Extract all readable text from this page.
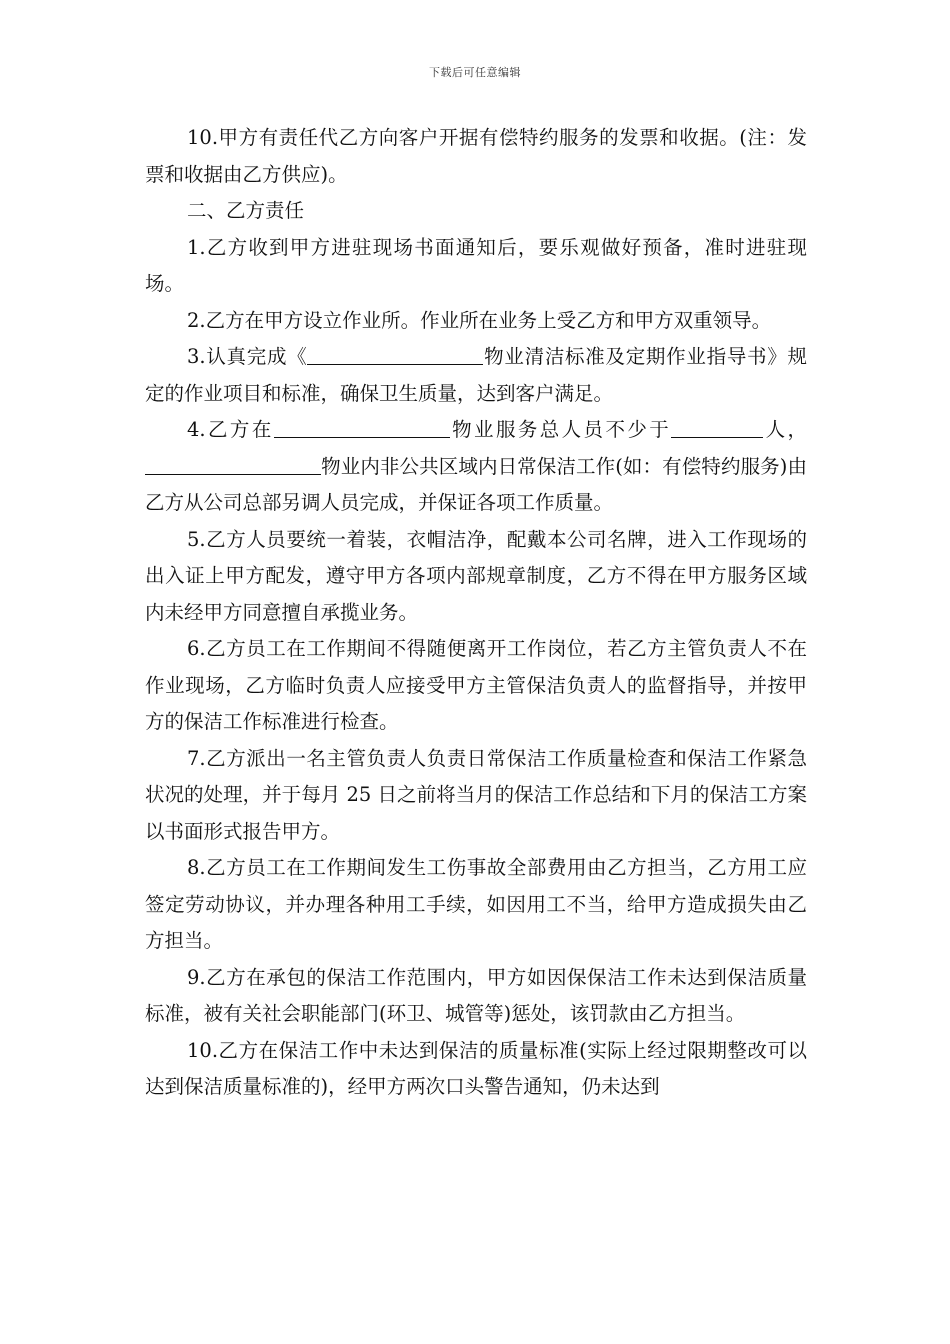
下载后可任意编辑

10.甲方有责任代乙方向客户开据有偿特约服务的发票和收据。(注：发票和收据由乙方供应)。

二、乙方责任

1.乙方收到甲方进驻现场书面通知后，要乐观做好预备，准时进驻现场。

2.乙方在甲方设立作业所。作业所在业务上受乙方和甲方双重领导。

3.认真完成《	物业清洁标准及定期作业指导书》规定的作业项目和标准，确保卫生质量，达到客户满足。

4.乙方在	物业服务总人员不少于	人，物业内非公共区域内日常保洁工作(如：有偿特约服务)由乙方从公司总部另调人员完成，并保证各项工作质量。

5.乙方人员要统一着装，衣帽洁净，配戴本公司名牌，进入工作现场的出入证上甲方配发，遵守甲方各项内部规章制度，乙方不得在甲方服务区域内未经甲方同意擅自承揽业务。

6.乙方员工在工作期间不得随便离开工作岗位，若乙方主管负责人不在作业现场，乙方临时负责人应接受甲方主管保洁负责人的监督指导，并按甲方的保洁工作标准进行检查。

7.乙方派出一名主管负责人负责日常保洁工作质量检查和保洁工作紧急状况的处理，并于每月 25 日之前将当月的保洁工作总结和下月的保洁工方案以书面形式报告甲方。

8.乙方员工在工作期间发生工伤事故全部费用由乙方担当，乙方用工应签定劳动协议，并办理各种用工手续，如因用工不当，给甲方造成损失由乙方担当。

9.乙方在承包的保洁工作范围内，甲方如因保保洁工作未达到保洁质量标准，被有关社会职能部门(环卫、城管等)惩处，该罚款由乙方担当。

10.乙方在保洁工作中未达到保洁的质量标准(实际上经过限期整改可以达到保洁质量标准的)，经甲方两次口头警告通知，仍未达到
